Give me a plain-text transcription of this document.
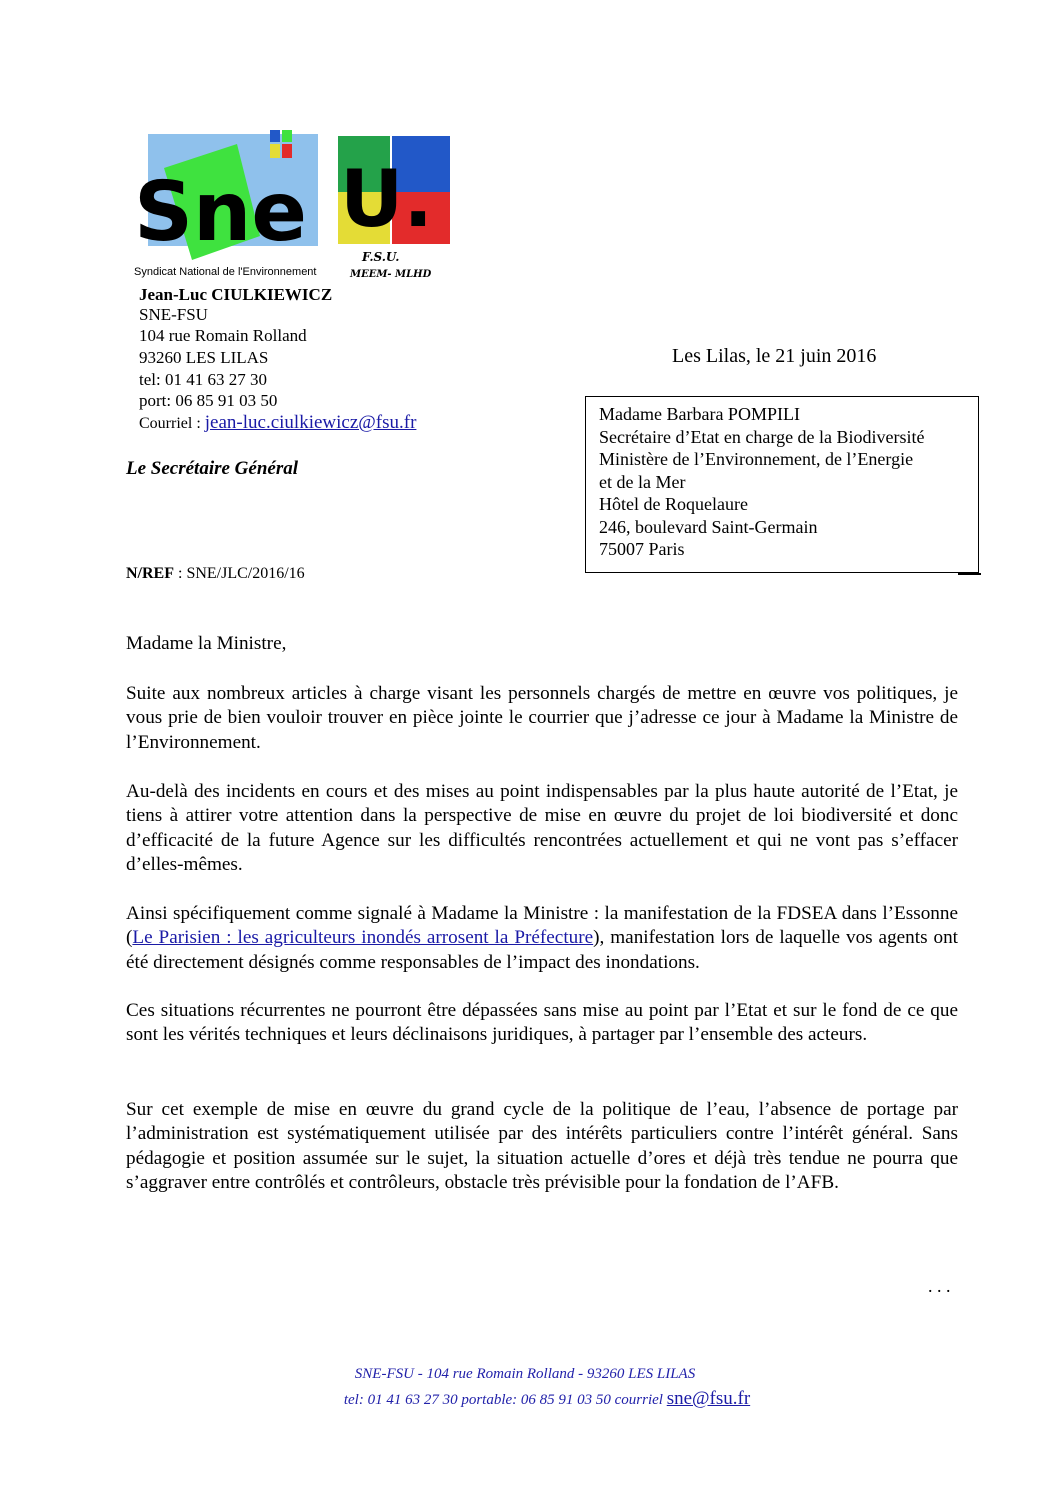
Sne
Syndicat National de l'Environnement
U.
F.S.U.
MEEM- MLHD
Jean-Luc CIULKIEWICZ
SNE-FSU
104 rue Romain Rolland
93260 LES LILAS
tel: 01 41 63 27 30
port: 06 85 91 03 50
Courriel : jean-luc.ciulkiewicz@fsu.fr
Le Secrétaire Général
Les Lilas, le 21 juin 2016
Madame Barbara POMPILI
Secrétaire d’Etat en charge de la Biodiversité
Ministère de l’Environnement, de l’Energie
et de la Mer
Hôtel de Roquelaure
246, boulevard Saint-Germain
75007 Paris
N/REF : SNE/JLC/2016/16
Madame la Ministre,

Suite aux nombreux articles à charge visant les personnels chargés de mettre en œuvre vos politiques, je vous prie de bien vouloir trouver en pièce jointe le courrier que j’adresse ce jour à Madame la Ministre de l’Environnement.

Au-delà des incidents en cours et des mises au point indispensables par la plus haute autorité de l’Etat, je tiens à attirer votre attention dans la perspective de mise en œuvre du projet de loi biodiversité et donc d’efficacité de la future Agence sur les difficultés rencontrées actuellement et qui ne vont pas s’effacer d’elles-mêmes.

Ainsi spécifiquement comme signalé à Madame la Ministre : la manifestation de la FDSEA dans l’Essonne (Le Parisien : les agriculteurs inondés arrosent la Préfecture), manifestation lors de laquelle vos agents ont été directement désignés comme responsables de l’impact des inondations.

Ces situations récurrentes ne pourront être dépassées sans mise au point par l’Etat et sur le fond de ce que sont les vérités techniques et leurs déclinaisons juridiques, à partager par l’ensemble des acteurs.

Sur cet exemple de mise en œuvre du grand cycle de la politique de l’eau, l’absence de portage par l’administration est systématiquement utilisée par des intérêts particuliers contre l’intérêt général. Sans pédagogie et position assumée sur le sujet, la situation actuelle d’ores et déjà très tendue ne pourra que s’aggraver entre contrôlés et contrôleurs, obstacle très prévisible pour la fondation de l’AFB.

. . .
SNE-FSU - 104 rue Romain Rolland - 93260 LES LILAS
tel: 01 41 63 27 30 portable: 06 85 91 03 50 courriel sne@fsu.fr
